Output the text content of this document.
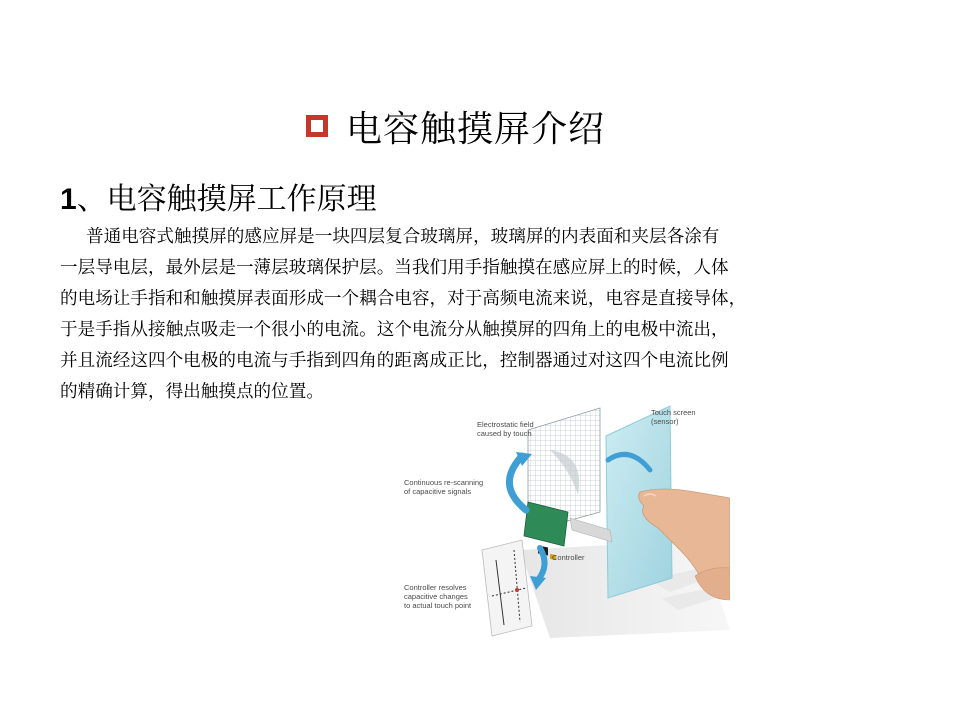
电容触摸屏介绍
1、电容触摸屏工作原理
普通电容式触摸屏的感应屏是一块四层复合玻璃屏，玻璃屏的内表面和夹层各涂有
一层导电层，最外层是一薄层玻璃保护层。当我们用手指触摸在感应屏上的时候，人体
的电场让手指和和触摸屏表面形成一个耦合电容，对于高频电流来说，电容是直接导体，
于是手指从接触点吸走一个很小的电流。这个电流分从触摸屏的四角上的电极中流出，
并且流经这四个电极的电流与手指到四角的距离成正比，控制器通过对这四个电流比例
的精确计算，得出触摸点的位置。
Electrostatic field
caused by touch
Touch screen
(sensor)
Continuous re-scanning
of capacitive signals
Controller
Controller resolves
capacitive changes
to actual touch point
